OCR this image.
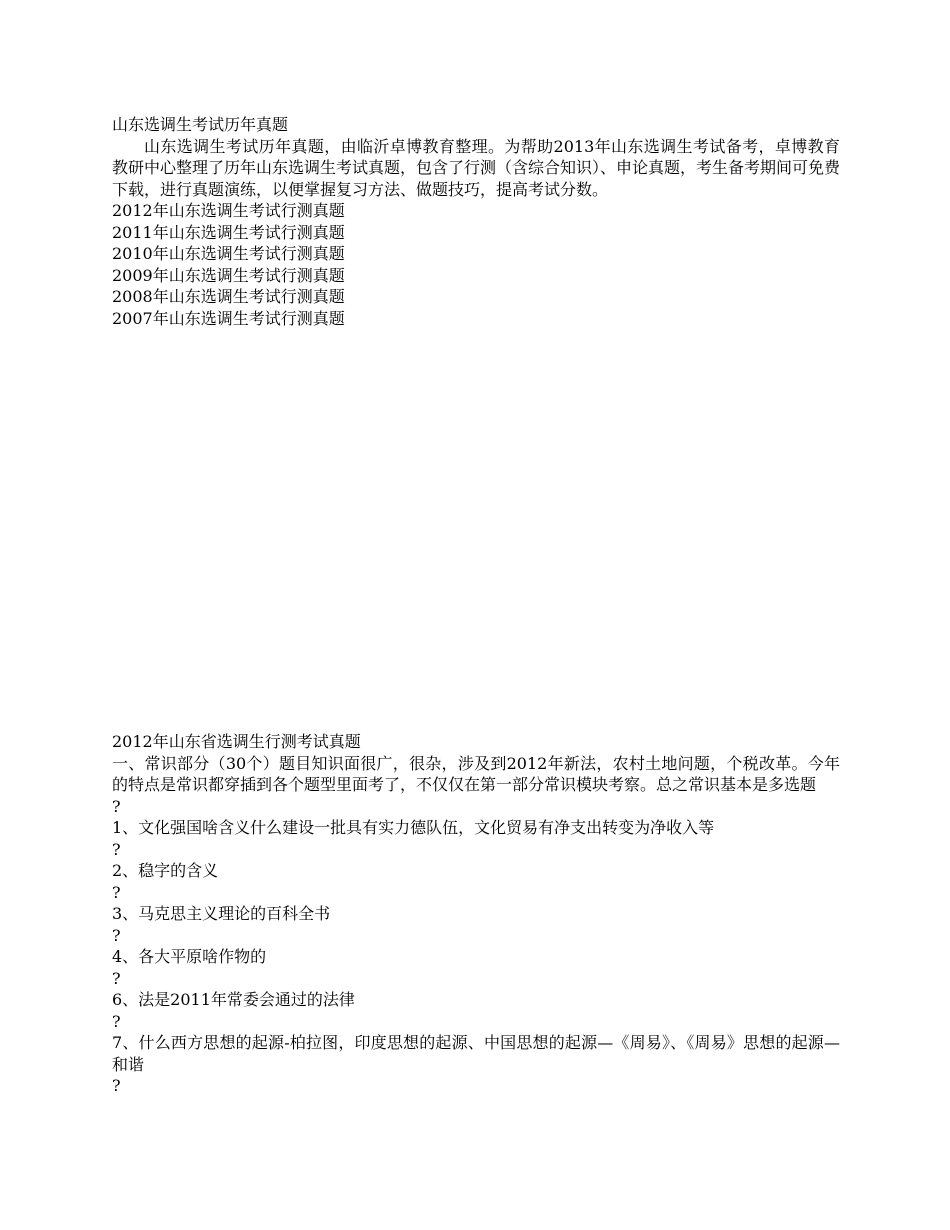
山东选调生考试历年真题

山东选调生考试历年真题，由临沂卓博教育整理。为帮助2013年山东选调生考试备考，卓博教育教研中心整理了历年山东选调生考试真题，包含了行测（含综合知识）、申论真题，考生备考期间可免费下载，进行真题演练，以便掌握复习方法、做题技巧，提高考试分数。

2012年山东选调生考试行测真题

2011年山东选调生考试行测真题

2010年山东选调生考试行测真题

2009年山东选调生考试行测真题

2008年山东选调生考试行测真题

2007年山东选调生考试行测真题

2012年山东省选调生行测考试真题

一、常识部分（30个）题目知识面很广，很杂，涉及到2012年新法，农村土地问题，个税改革。今年的特点是常识都穿插到各个题型里面考了，不仅仅在第一部分常识模块考察。总之常识基本是多选题

?

1、文化强国啥含义什么建设一批具有实力德队伍，文化贸易有净支出转变为净收入等

?

2、稳字的含义

?

3、马克思主义理论的百科全书

?

4、各大平原啥作物的

?

6、法是2011年常委会通过的法律

?

7、什么西方思想的起源-柏拉图，印度思想的起源、中国思想的起源—《周易》、《周易》思想的起源—和谐

?
